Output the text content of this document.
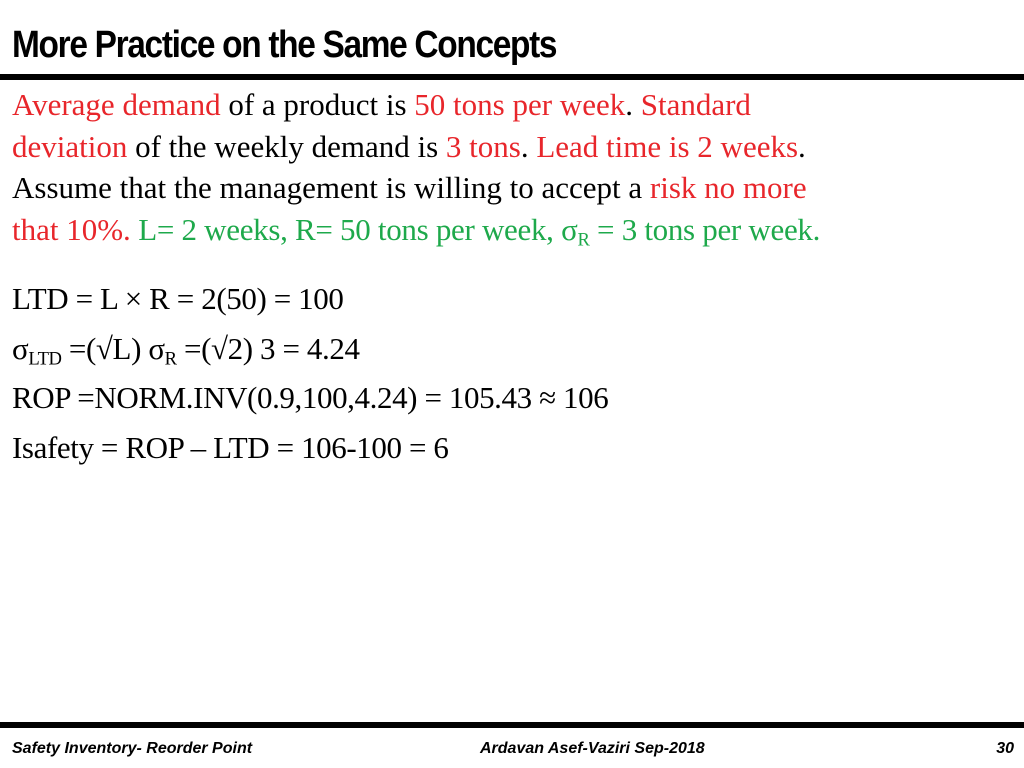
More Practice on the Same Concepts
Average demand of a product is 50 tons per week. Standard
deviation of the weekly demand is 3 tons. Lead time is 2 weeks.
Assume that the management is willing to accept a risk no more
that 10%. L= 2 weeks, R= 50 tons per week, $\sigma_R = 3$ tons per week.
LTD = L × R = 2(50) = 100
$\sigma_{LTD} =(√L)$ $\sigma_R =(√2) 3 = 4.24$
ROP =NORM.INV(0.9,100,4.24) = 105.43 ≈ 106
Isafety = ROP – LTD = 106-100 = 6
Safety Inventory- Reorder Point	Ardavan Asef-Vaziri Sep-2018	30
